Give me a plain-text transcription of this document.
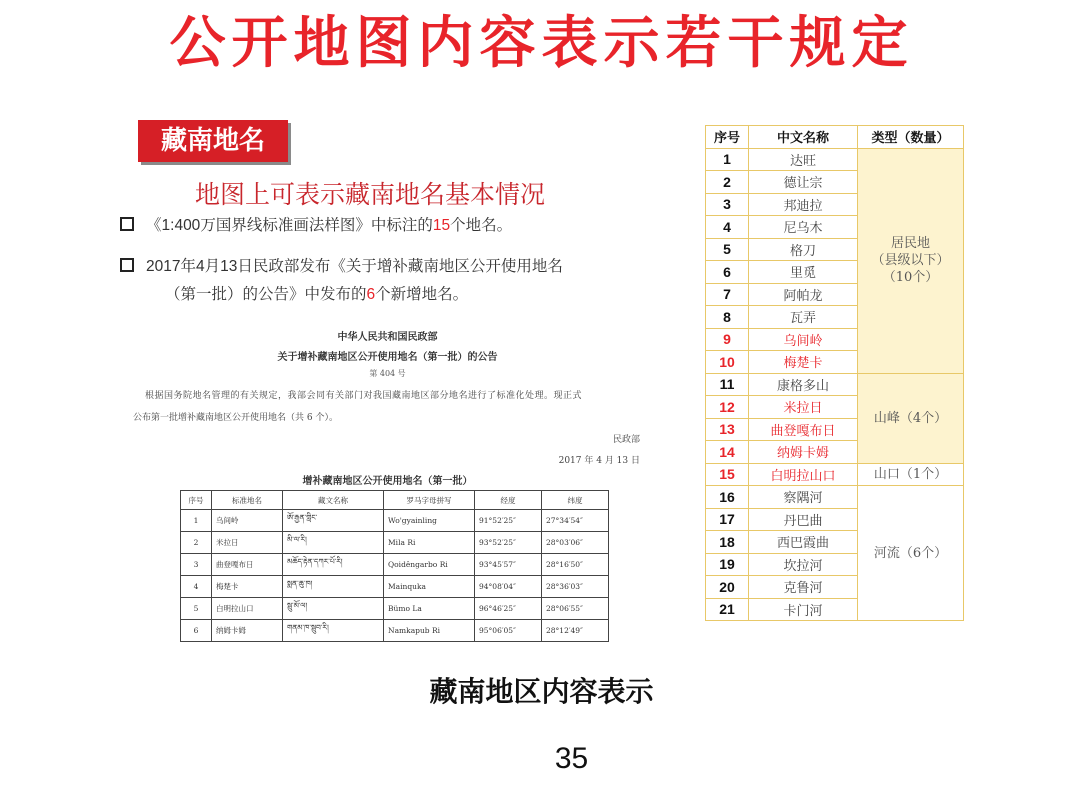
公开地图内容表示若干规定
藏南地名
地图上可表示藏南地名基本情况
《1:400万国界线标准画法样图》中标注的15个地名。
2017年4月13日民政部发布《关于增补藏南地区公开使用地名
（第一批）的公告》中发布的6个新增地名。
中华人民共和国民政部
关于增补藏南地区公开使用地名（第一批）的公告
第 404 号
根据国务院地名管理的有关规定，我部会同有关部门对我国藏南地区部分地名进行了标准化处理。现正式
公布第一批增补藏南地区公开使用地名（共 6 个）。
民政部
2017 年 4 月 13 日
增补藏南地区公开使用地名（第一批）
序号	标准地名	藏文名称	罗马字母拼写	经度	纬度
1	乌间岭	ཨོ་རྒྱན་གླིང་	Wo'gyainling	91°52′25″	27°34′54″
2	米拉日	མི་ལ་རི།	Mila Ri	93°52′25″	28°03′06″
3	曲登嘎布日	མཆོད་རྟེན་དཀར་པོ་རི།	Qoidêngarbo Ri	93°45′57″	28°16′50″
4	梅楚卡	སྨན་ཆུ་ཁ།	Mainquka	94°08′04″	28°36′03″
5	白明拉山口	སྦུ་མོ་ལ།	Bümo La	96°46′25″	28°06′55″
6	纳姆卡姆	གནམ་ཁ་སྦུབ་རི།	Namkapub Ri	95°06′05″	28°12′49″
序号	中文名称	类型（数量）
1	达旺	居民地
（县级以下）
（10个）
2	德让宗	
3	邦迪拉	
4	尼乌木	
5	格刀	
6	里觅	
7	阿帕龙	
8	瓦弄	
9	乌间岭	
10	梅楚卡	
11	康格多山	山峰（4个）
12	米拉日	
13	曲登嘎布日	
14	纳姆卡姆	
15	白明拉山口	山口（1个）
16	察隅河	河流（6个）
17	丹巴曲	
18	西巴霞曲	
19	坎拉河	
20	克鲁河	
21	卡门河	
藏南地区内容表示
35
